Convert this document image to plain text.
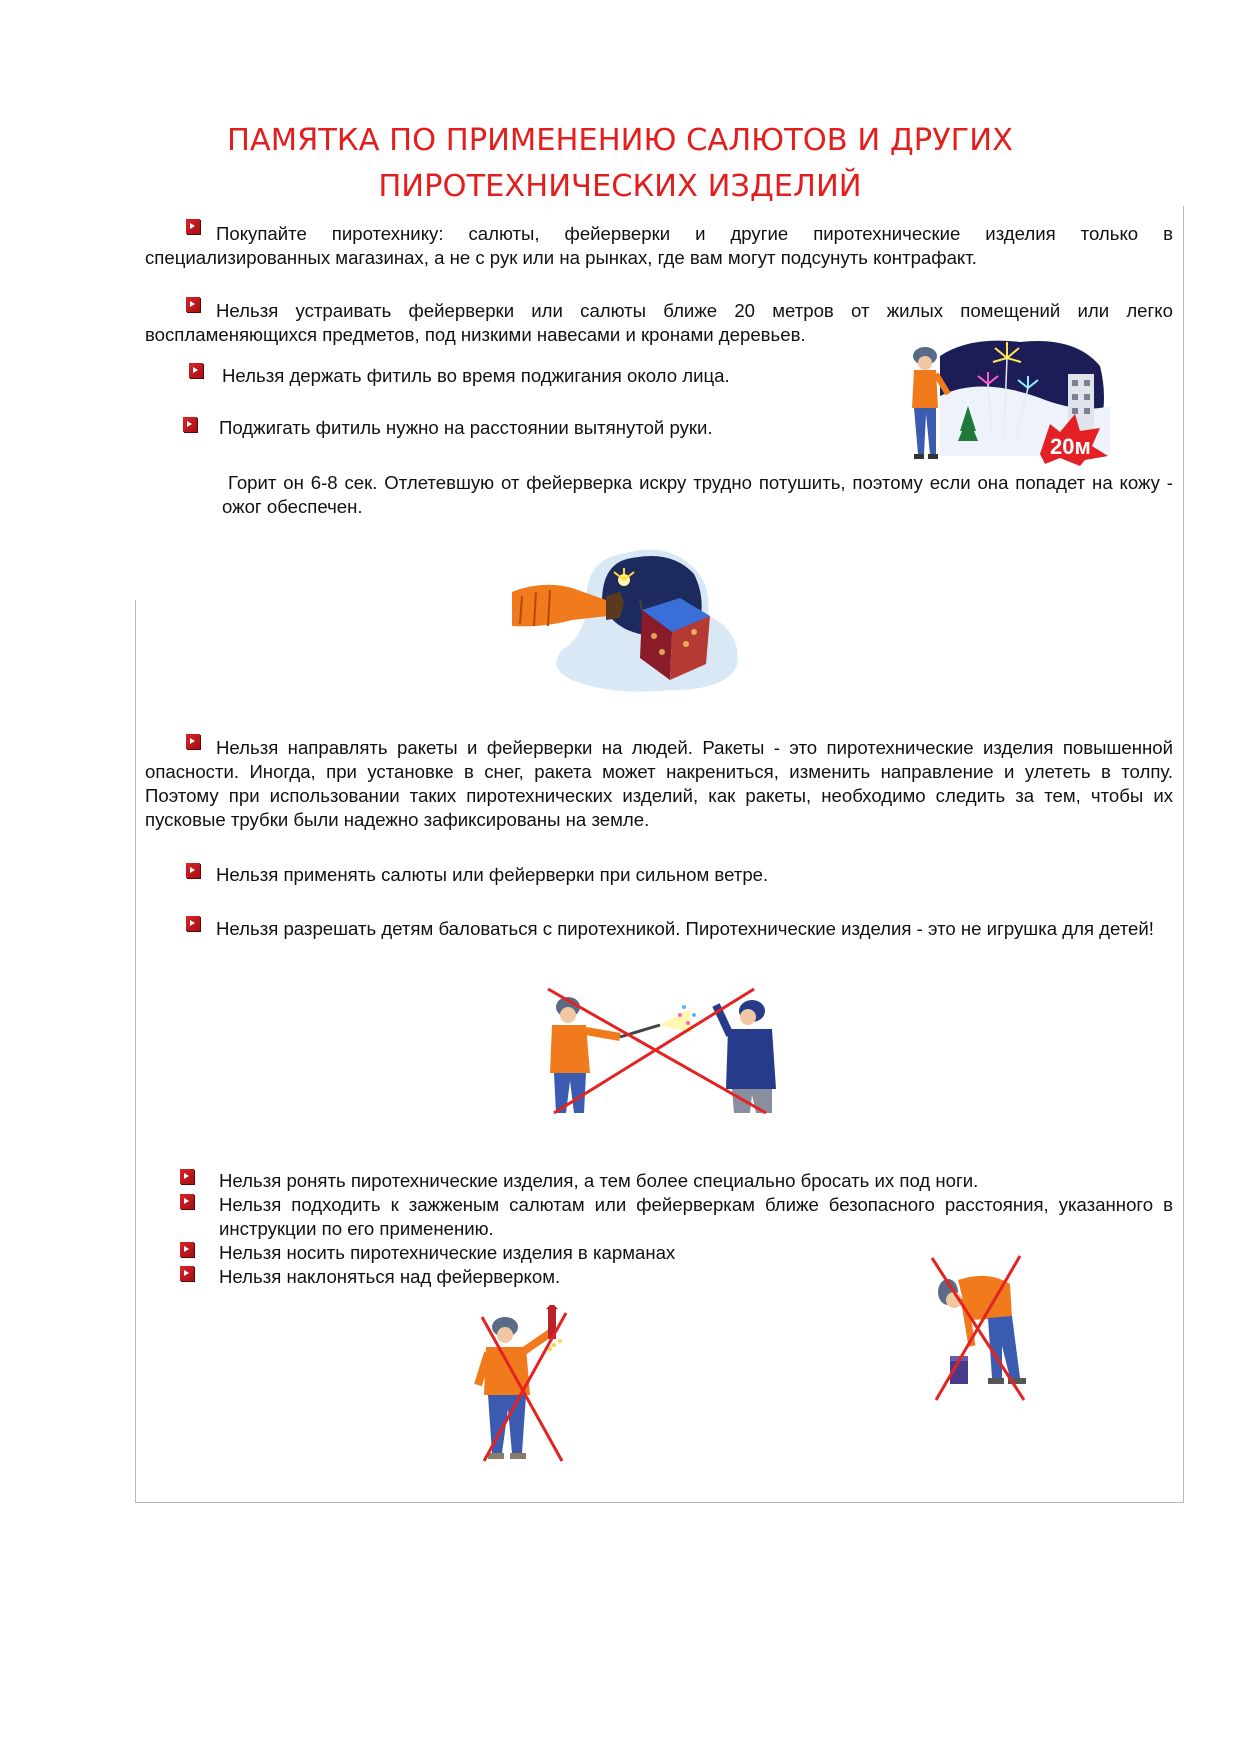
ПАМЯТКА ПО ПРИМЕНЕНИЮ САЛЮТОВ И ДРУГИХ
ПИРОТЕХНИЧЕСКИХ ИЗДЕЛИЙ
Покупайте пиротехнику: салюты, фейерверки и другие пиротехнические изделия только в специализированных магазинах, а не с рук или на рынках, где вам могут подсунуть контрафакт.
Нельзя устраивать фейерверки или салюты ближе 20 метров от жилых помещений или легко воспламеняющихся предметов, под низкими навесами и кронами деревьев.
Нельзя держать фитиль во время поджигания около лица.
Поджигать фитиль нужно на расстоянии вытянутой руки.
Горит он 6-8 сек. Отлетевшую от фейерверка искру трудно потушить, поэтому если она попадет на кожу - ожог обеспечен.
20м
Нельзя направлять ракеты и фейерверки на людей. Ракеты - это пиротехнические изделия повышенной опасности. Иногда, при установке в снег, ракета может накрениться, изменить направление и улететь в толпу. Поэтому при использовании таких пиротехнических изделий, как ракеты, необходимо следить за тем, чтобы их пусковые трубки были надежно зафиксированы на земле.
Нельзя применять салюты или фейерверки при сильном ветре.
Нельзя разрешать детям баловаться с пиротехникой. Пиротехнические изделия - это не игрушка для детей!
Нельзя ронять пиротехнические изделия, а тем более специально бросать их под ноги.
Нельзя подходить к зажженым салютам или фейерверкам ближе безопасного расстояния, указанного в инструкции по его применению.
Нельзя носить пиротехнические изделия в карманах
Нельзя наклоняться над фейерверком.
